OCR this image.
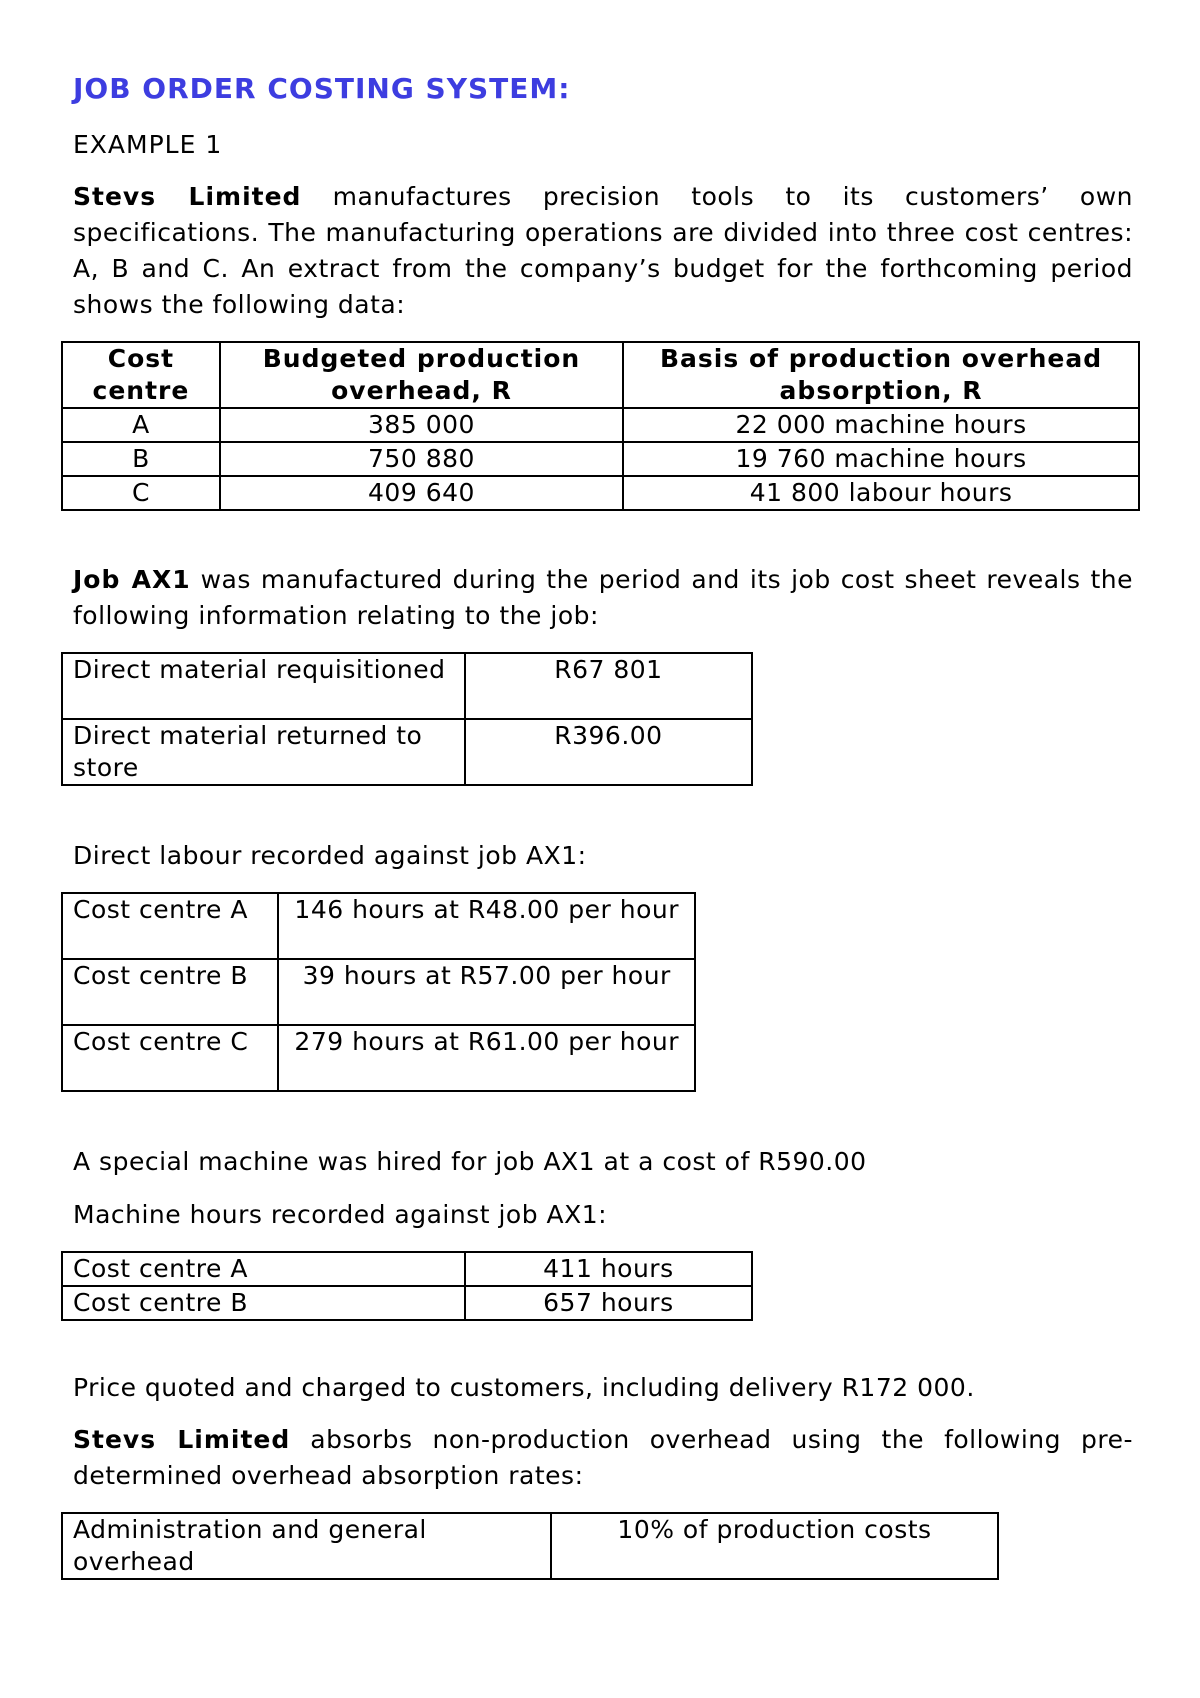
JOB ORDER COSTING SYSTEM:
EXAMPLE 1
Stevs Limited manufactures precision tools to its customers’ own specifications. The manufacturing operations are divided into three cost centres: A, B and C. An extract from the company’s budget for the forthcoming period shows the following data:
Cost centre	Budgeted production overhead, R	Basis of production overhead absorption, R
A	385 000	22 000 machine hours
B	750 880	19 760 machine hours
C	409 640	41 800 labour hours
Job AX1 was manufactured during the period and its job cost sheet reveals the following information relating to the job:
Direct material requisitioned	R67 801
Direct material returned to store	R396.00
Direct labour recorded against job AX1:
Cost centre A	146 hours at R48.00 per hour
Cost centre B	39 hours at R57.00 per hour
Cost centre C	279 hours at R61.00 per hour
A special machine was hired for job AX1 at a cost of R590.00
Machine hours recorded against job AX1:
Cost centre A	411 hours
Cost centre B	657 hours
Price quoted and charged to customers, including delivery R172 000.
Stevs Limited absorbs non-production overhead using the following pre-determined overhead absorption rates:
Administration and general overhead	10% of production costs
